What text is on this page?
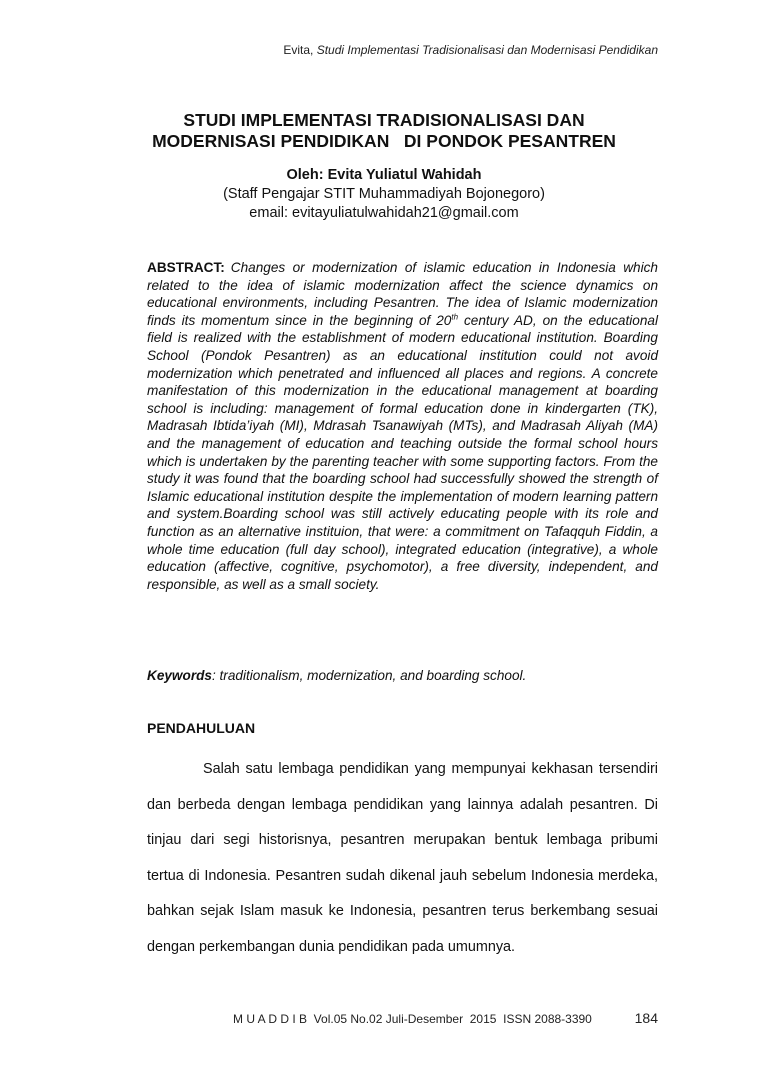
Evita, Studi Implementasi Tradisionalisasi dan Modernisasi Pendidikan
STUDI IMPLEMENTASI TRADISIONALISASI DAN
MODERNISASI PENDIDIKAN   DI PONDOK PESANTREN
Oleh: Evita Yuliatul Wahidah
(Staff Pengajar STIT Muhammadiyah Bojonegoro)
email: evitayuliatulwahidah21@gmail.com
ABSTRACT: Changes or modernization of islamic education in Indonesia which related to the idea of islamic modernization affect the science dynamics on educational environments, including Pesantren. The idea of Islamic modernization finds its momentum since in the beginning of 20th century AD, on the educational field is realized with the establishment of modern educational institution. Boarding School (Pondok Pesantren) as an educational institution could not avoid modernization which penetrated and influenced all places and regions. A concrete manifestation of this modernization in the educational management at boarding school is including: management of formal education done in kindergarten (TK), Madrasah Ibtida’iyah (MI), Mdrasah Tsanawiyah (MTs), and Madrasah Aliyah (MA) and the management of education and teaching outside the formal school hours which is undertaken by the parenting teacher with some supporting factors. From the study it was found that the boarding school had successfully showed the strength of Islamic educational institution despite the implementation of modern learning pattern and system.Boarding school was still actively educating people with its role and function as an alternative instituion, that were: a commitment on Tafaqquh Fiddin, a whole time education (full day school), integrated education (integrative), a whole education (affective, cognitive, psychomotor), a free diversity, independent, and responsible, as well as a small society.
Keywords: traditionalism, modernization, and boarding school.
PENDAHULUAN

Salah satu lembaga pendidikan yang mempunyai kekhasan tersendiri dan berbeda dengan lembaga pendidikan yang lainnya adalah pesantren. Di tinjau dari segi historisnya, pesantren merupakan bentuk lembaga pribumi tertua di Indonesia. Pesantren sudah dikenal jauh sebelum Indonesia merdeka, bahkan sejak Islam masuk ke Indonesia, pesantren terus berkembang sesuai dengan perkembangan dunia pendidikan pada umumnya.

M U A D D I B  Vol.05 No.02 Juli-Desember  2015  ISSN 2088-3390	184
